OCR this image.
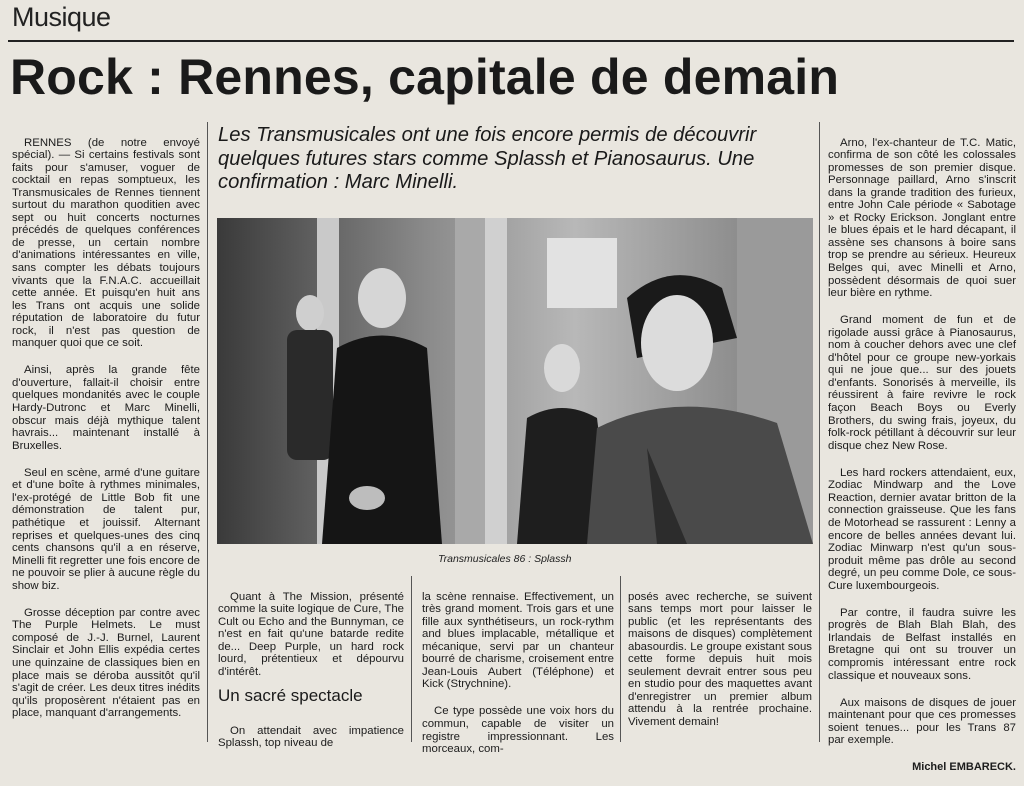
Musique
Rock : Rennes, capitale de demain

RENNES (de notre envoyé spécial). — Si certains festivals sont faits pour s'amuser, voguer de cocktail en repas somptueux, les Transmusicales de Rennes tiennent surtout du marathon quoditien avec sept ou huit concerts nocturnes précédés de quelques conférences de presse, un certain nombre d'animations intéressantes en ville, sans compter les débats toujours vivants que la F.N.A.C. accueillait cette année. Et puisqu'en huit ans les Trans ont acquis une solide réputation de laboratoire du futur rock, il n'est pas question de manquer quoi que ce soit.

Ainsi, après la grande fête d'ouverture, fallait-il choisir entre quelques mondanités avec le couple Hardy-Dutronc et Marc Minelli, obscur mais déjà mythique talent havrais... maintenant installé à Bruxelles.

Seul en scène, armé d'une guitare et d'une boîte à rythmes minimales, l'ex-protégé de Little Bob fit une démonstration de talent pur, pathétique et jouissif. Alternant reprises et quelques-unes des cinq cents chansons qu'il a en réserve, Minelli fit regretter une fois encore de ne pouvoir se plier à aucune règle du show biz.

Grosse déception par contre avec The Purple Helmets. Le must composé de J.-J. Burnel, Laurent Sinclair et John Ellis expédia certes une quinzaine de classiques bien en place mais se déroba aussitôt qu'il s'agit de créer. Les deux titres inédits qu'ils proposèrent n'étaient pas en place, manquant d'arrangements.

Les Transmusicales ont une fois encore permis de découvrir quelques futures stars comme Splassh et Pianosaurus. Une confirmation : Marc Minelli.
Transmusicales 86 : Splassh

Quant à The Mission, présenté comme la suite logique de Cure, The Cult ou Echo and the Bunnyman, ce n'est en fait qu'une batarde redite de... Deep Purple, un hard rock lourd, prétentieux et dépourvu d'intérêt.

Un sacré spectacle

On attendait avec impatience Splassh, top niveau de

la scène rennaise. Effectivement, un très grand moment. Trois gars et une fille aux synthétiseurs, un rock-rythm and blues implacable, métallique et mécanique, servi par un chanteur bourré de charisme, croisement entre Jean-Louis Aubert (Téléphone) et Kick (Strychnine).

Ce type possède une voix hors du commun, capable de visiter un registre impressionnant. Les morceaux, com-

posés avec recherche, se suivent sans temps mort pour laisser le public (et les représentants des maisons de disques) complètement abasourdis. Le groupe existant sous cette forme depuis huit mois seulement devrait entrer sous peu en studio pour des maquettes avant d'enregistrer un premier album attendu à la rentrée prochaine. Vivement demain!

Arno, l'ex-chanteur de T.C. Matic, confirma de son côté les colossales promesses de son premier disque. Personnage paillard, Arno s'inscrit dans la grande tradition des furieux, entre John Cale période « Sabotage » et Rocky Erickson. Jonglant entre le blues épais et le hard décapant, il assène ses chansons à boire sans trop se prendre au sérieux. Heureux Belges qui, avec Minelli et Arno, possèdent désormais de quoi suer leur bière en rythme.

Grand moment de fun et de rigolade aussi grâce à Pianosaurus, nom à coucher dehors avec une clef d'hôtel pour ce groupe new-yorkais qui ne joue que... sur des jouets d'enfants. Sonorisés à merveille, ils réussirent à faire revivre le rock façon Beach Boys ou Everly Brothers, du swing frais, joyeux, du folk-rock pétillant à découvrir sur leur disque chez New Rose.

Les hard rockers attendaient, eux, Zodiac Mindwarp and the Love Reaction, dernier avatar britton de la connection graisseuse. Que les fans de Motorhead se rassurent : Lenny a encore de belles années devant lui. Zodiac Minwarp n'est qu'un sous-produit même pas drôle au second degré, un peu comme Dole, ce sous-Cure luxembourgeois.

Par contre, il faudra suivre les progrès de Blah Blah Blah, des Irlandais de Belfast installés en Bretagne qui ont su trouver un compromis intéressant entre rock classique et nouveaux sons.

Aux maisons de disques de jouer maintenant pour que ces promesses soient tenues... pour les Trans 87 par exemple.

Michel EMBARECK.
